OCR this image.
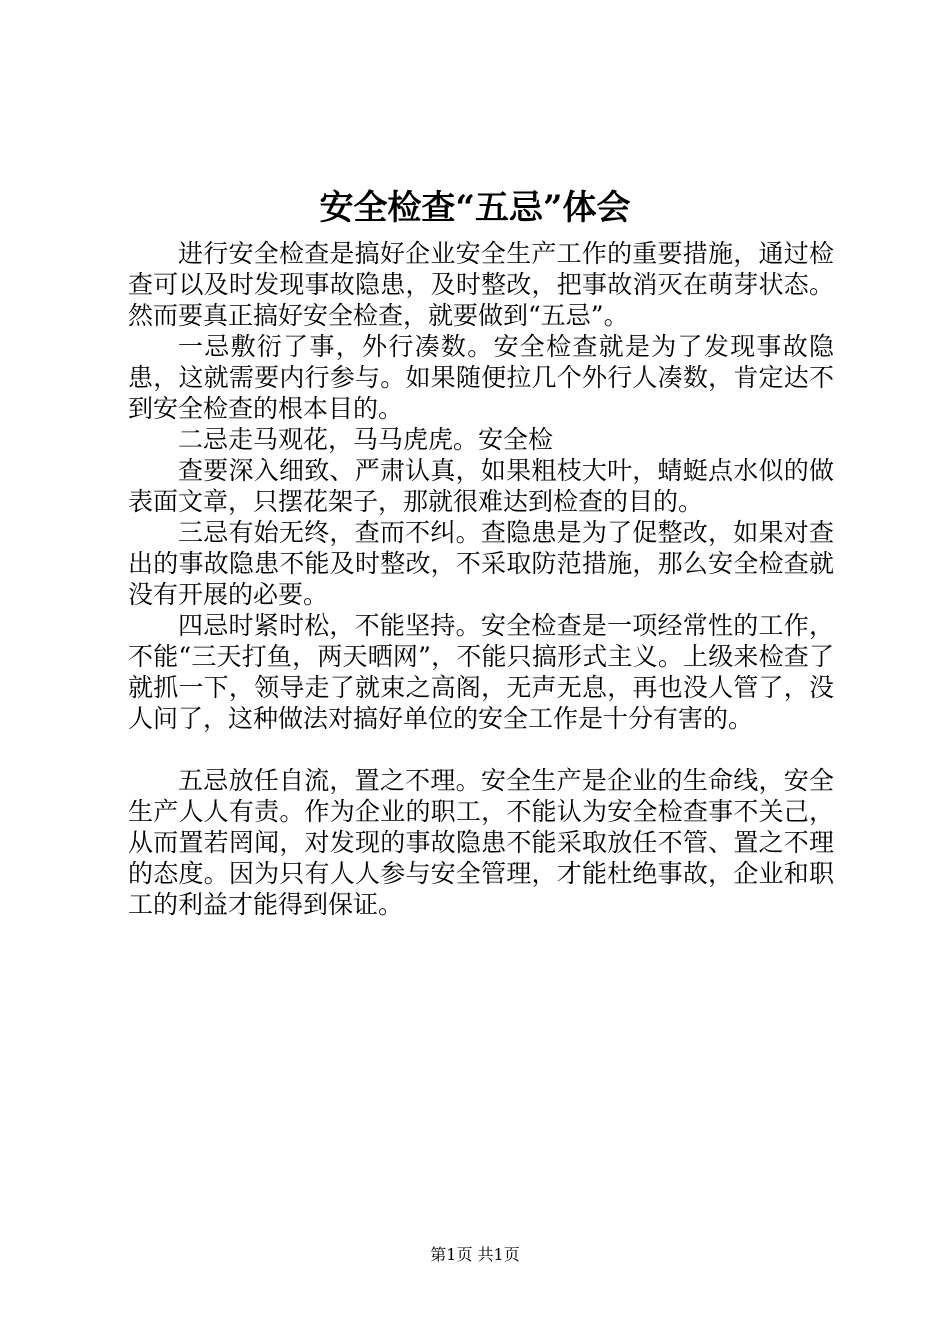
安全检查“五忌”体会

进行安全检查是搞好企业安全生产工作的重要措施，通过检查可以及时发现事故隐患，及时整改，把事故消灭在萌芽状态。然而要真正搞好安全检查，就要做到“五忌”。

一忌敷衍了事，外行凑数。安全检查就是为了发现事故隐患，这就需要内行参与。如果随便拉几个外行人凑数，肯定达不到安全检查的根本目的。

二忌走马观花，马马虎虎。安全检

查要深入细致、严肃认真，如果粗枝大叶，蜻蜓点水似的做表面文章，只摆花架子，那就很难达到检查的目的。

三忌有始无终，查而不纠。查隐患是为了促整改，如果对查出的事故隐患不能及时整改，不采取防范措施，那么安全检查就没有开展的必要。

四忌时紧时松，不能坚持。安全检查是一项经常性的工作，不能“三天打鱼，两天晒网”，不能只搞形式主义。上级来检查了就抓一下，领导走了就束之高阁，无声无息，再也没人管了，没人问了，这种做法对搞好单位的安全工作是十分有害的。

五忌放任自流，置之不理。安全生产是企业的生命线，安全生产人人有责。作为企业的职工，不能认为安全检查事不关己，从而置若罔闻，对发现的事故隐患不能采取放任不管、置之不理的态度。因为只有人人参与安全管理，才能杜绝事故，企业和职工的利益才能得到保证。

第1页 共1页
